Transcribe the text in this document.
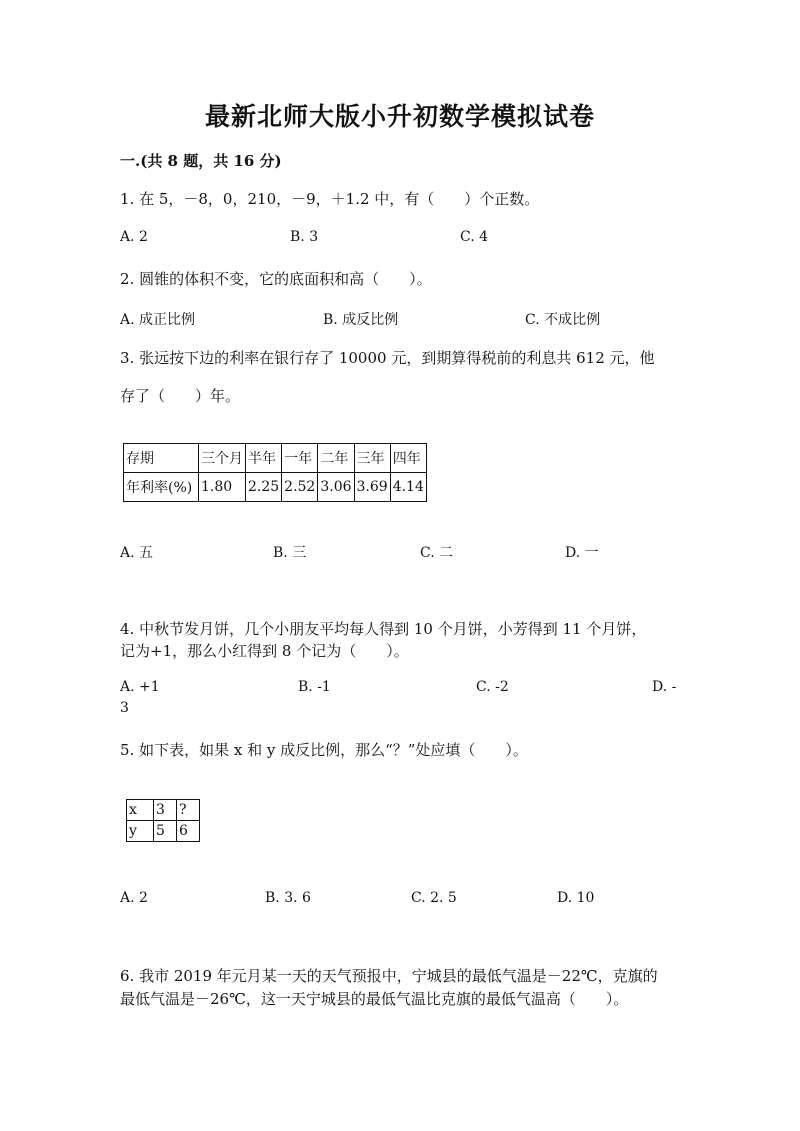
最新北师大版小升初数学模拟试卷
一.(共 8 题，共 16 分)
1. 在 5，－8，0，210，－9，＋1.2 中，有（　　）个正数。
A. 2	B. 3	C. 4
2. 圆锥的体积不变，它的底面积和高（　　）。
A. 成正比例	B. 成反比例	C. 不成比例
3. 张远按下边的利率在银行存了 10000 元，到期算得税前的利息共 612 元，他
存了（　　）年。
存期	三个月	半年	一年	二年	三年	四年
年利率(%)	1.80	2.25	2.52	3.06	3.69	4.14
A. 五	B. 三	C. 二	D. 一
4. 中秋节发月饼，几个小朋友平均每人得到 10 个月饼，小芳得到 11 个月饼，
记为+1，那么小红得到 8 个记为（　　）。
A. +1	B. -1	C. -2	D. -
3
5. 如下表，如果 x 和 y 成反比例，那么“？”处应填（　　）。
x	3	?
y	5	6
A. 2	B. 3. 6	C. 2. 5	D. 10
6. 我市 2019 年元月某一天的天气预报中，宁城县的最低气温是－22℃，克旗的
最低气温是－26℃，这一天宁城县的最低气温比克旗的最低气温高（　　）。
